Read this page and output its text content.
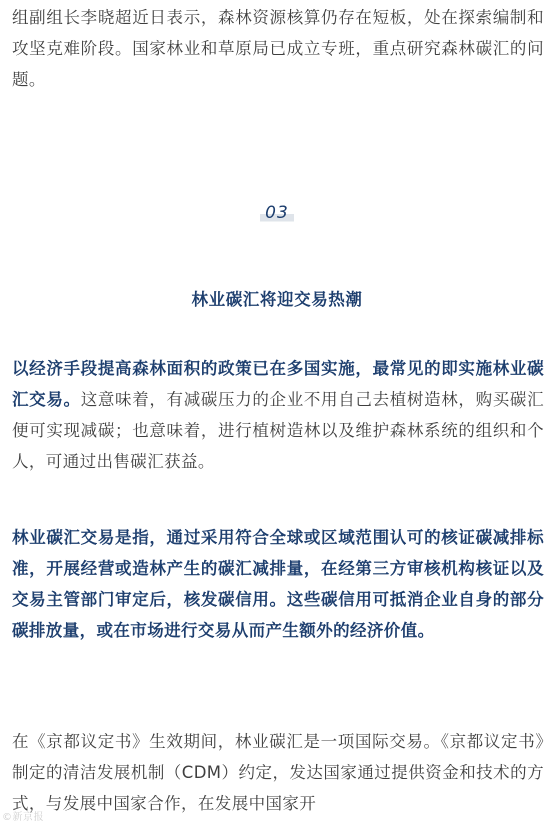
组副组长李晓超近日表示，森林资源核算仍存在短板，处在探索编制和攻坚克难阶段。国家林业和草原局已成立专班，重点研究森林碳汇的问题。

03
林业碳汇将迎交易热潮

以经济手段提高森林面积的政策已在多国实施，最常见的即实施林业碳汇交易。这意味着，有减碳压力的企业不用自己去植树造林，购买碳汇便可实现减碳；也意味着，进行植树造林以及维护森林系统的组织和个人，可通过出售碳汇获益。

林业碳汇交易是指，通过采用符合全球或区域范围认可的核证碳减排标准，开展经营或造林产生的碳汇减排量，在经第三方审核机构核证以及交易主管部门审定后，核发碳信用。这些碳信用可抵消企业自身的部分碳排放量，或在市场进行交易从而产生额外的经济价值。

在《京都议定书》生效期间，林业碳汇是一项国际交易。《京都议定书》制定的清洁发展机制（CDM）约定，发达国家通过提供资金和技术的方式，与发展中国家合作，在发展中国家开

©新京报
